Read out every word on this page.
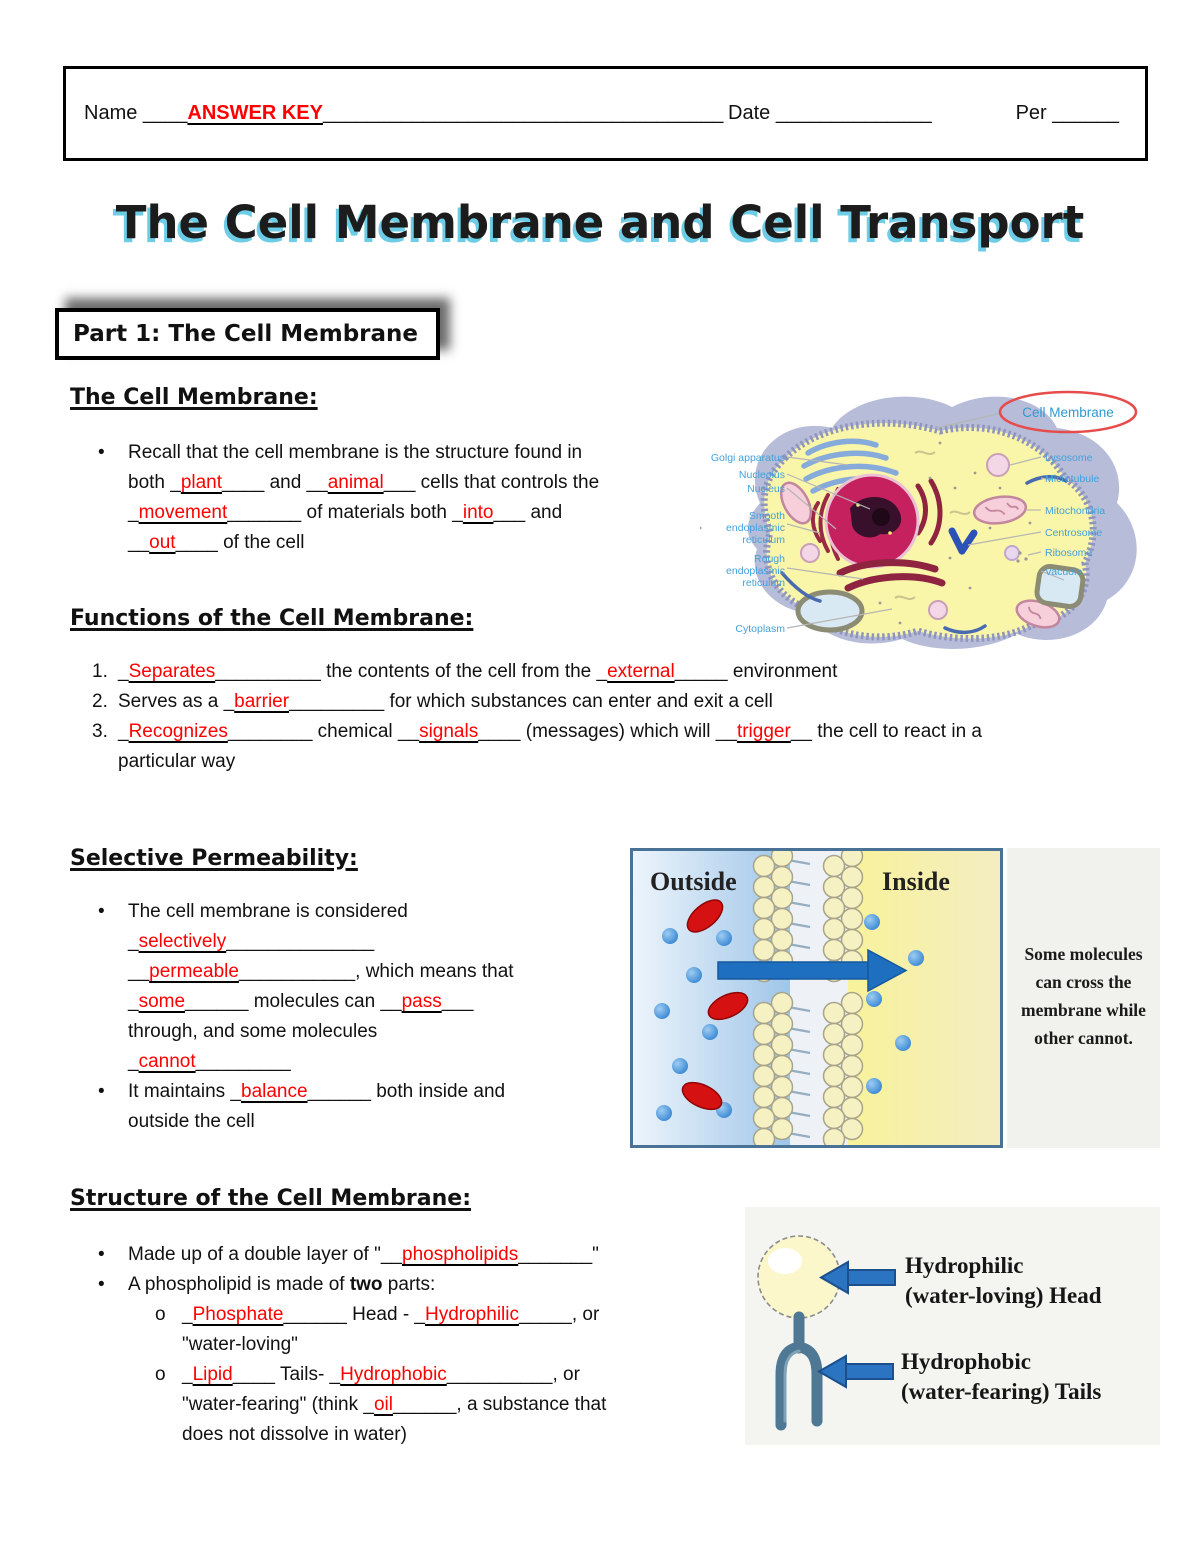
Name ____ANSWER KEY____________________________________ Date ______________	Per ______
The Cell Membrane and Cell Transport
Part 1: The Cell Membrane
The Cell Membrane:
•	Recall that the cell membrane is the structure found in
both _plant____ and __animal___ cells that controls the
_movement_______ of materials both _into___ and
__out____ of the cell
Golgi apparatus
Nucleolus
Nucleus
Smooth
endoplasmic
reticulum
Rough
endoplasmic
reticulum
Cytoplasm
Lysosome
Microtubule
Mitochondria
Centrosome
Ribosome
Vacuole
Cell Membrane
Functions of the Cell Membrane:
1. _Separates__________ the contents of the cell from the _external_____ environment
2. Serves as a _barrier_________ for which substances can enter and exit a cell
3. _Recognizes________ chemical __signals____ (messages) which will __trigger__ the cell to react in a
particular way
Selective Permeability:
•	The cell membrane is considered
_selectively______________
__permeable___________, which means that
_some______ molecules can __pass___
through, and some molecules
_cannot_________
•	It maintains _balance______ both inside and
outside the cell
Outside	Inside
Some molecules can cross the membrane while other cannot.
Structure of the Cell Membrane:
•	Made up of a double layer of "__phospholipids_______"
•	A phospholipid is made of two parts:
o _Phosphate______ Head - _Hydrophilic_____, or
"water-loving"
o _Lipid____ Tails- _Hydrophobic__________, or
"water-fearing" (think _oil______, a substance that
does not dissolve in water)
Hydrophilic
(water-loving) Head
Hydrophobic
(water-fearing) Tails
